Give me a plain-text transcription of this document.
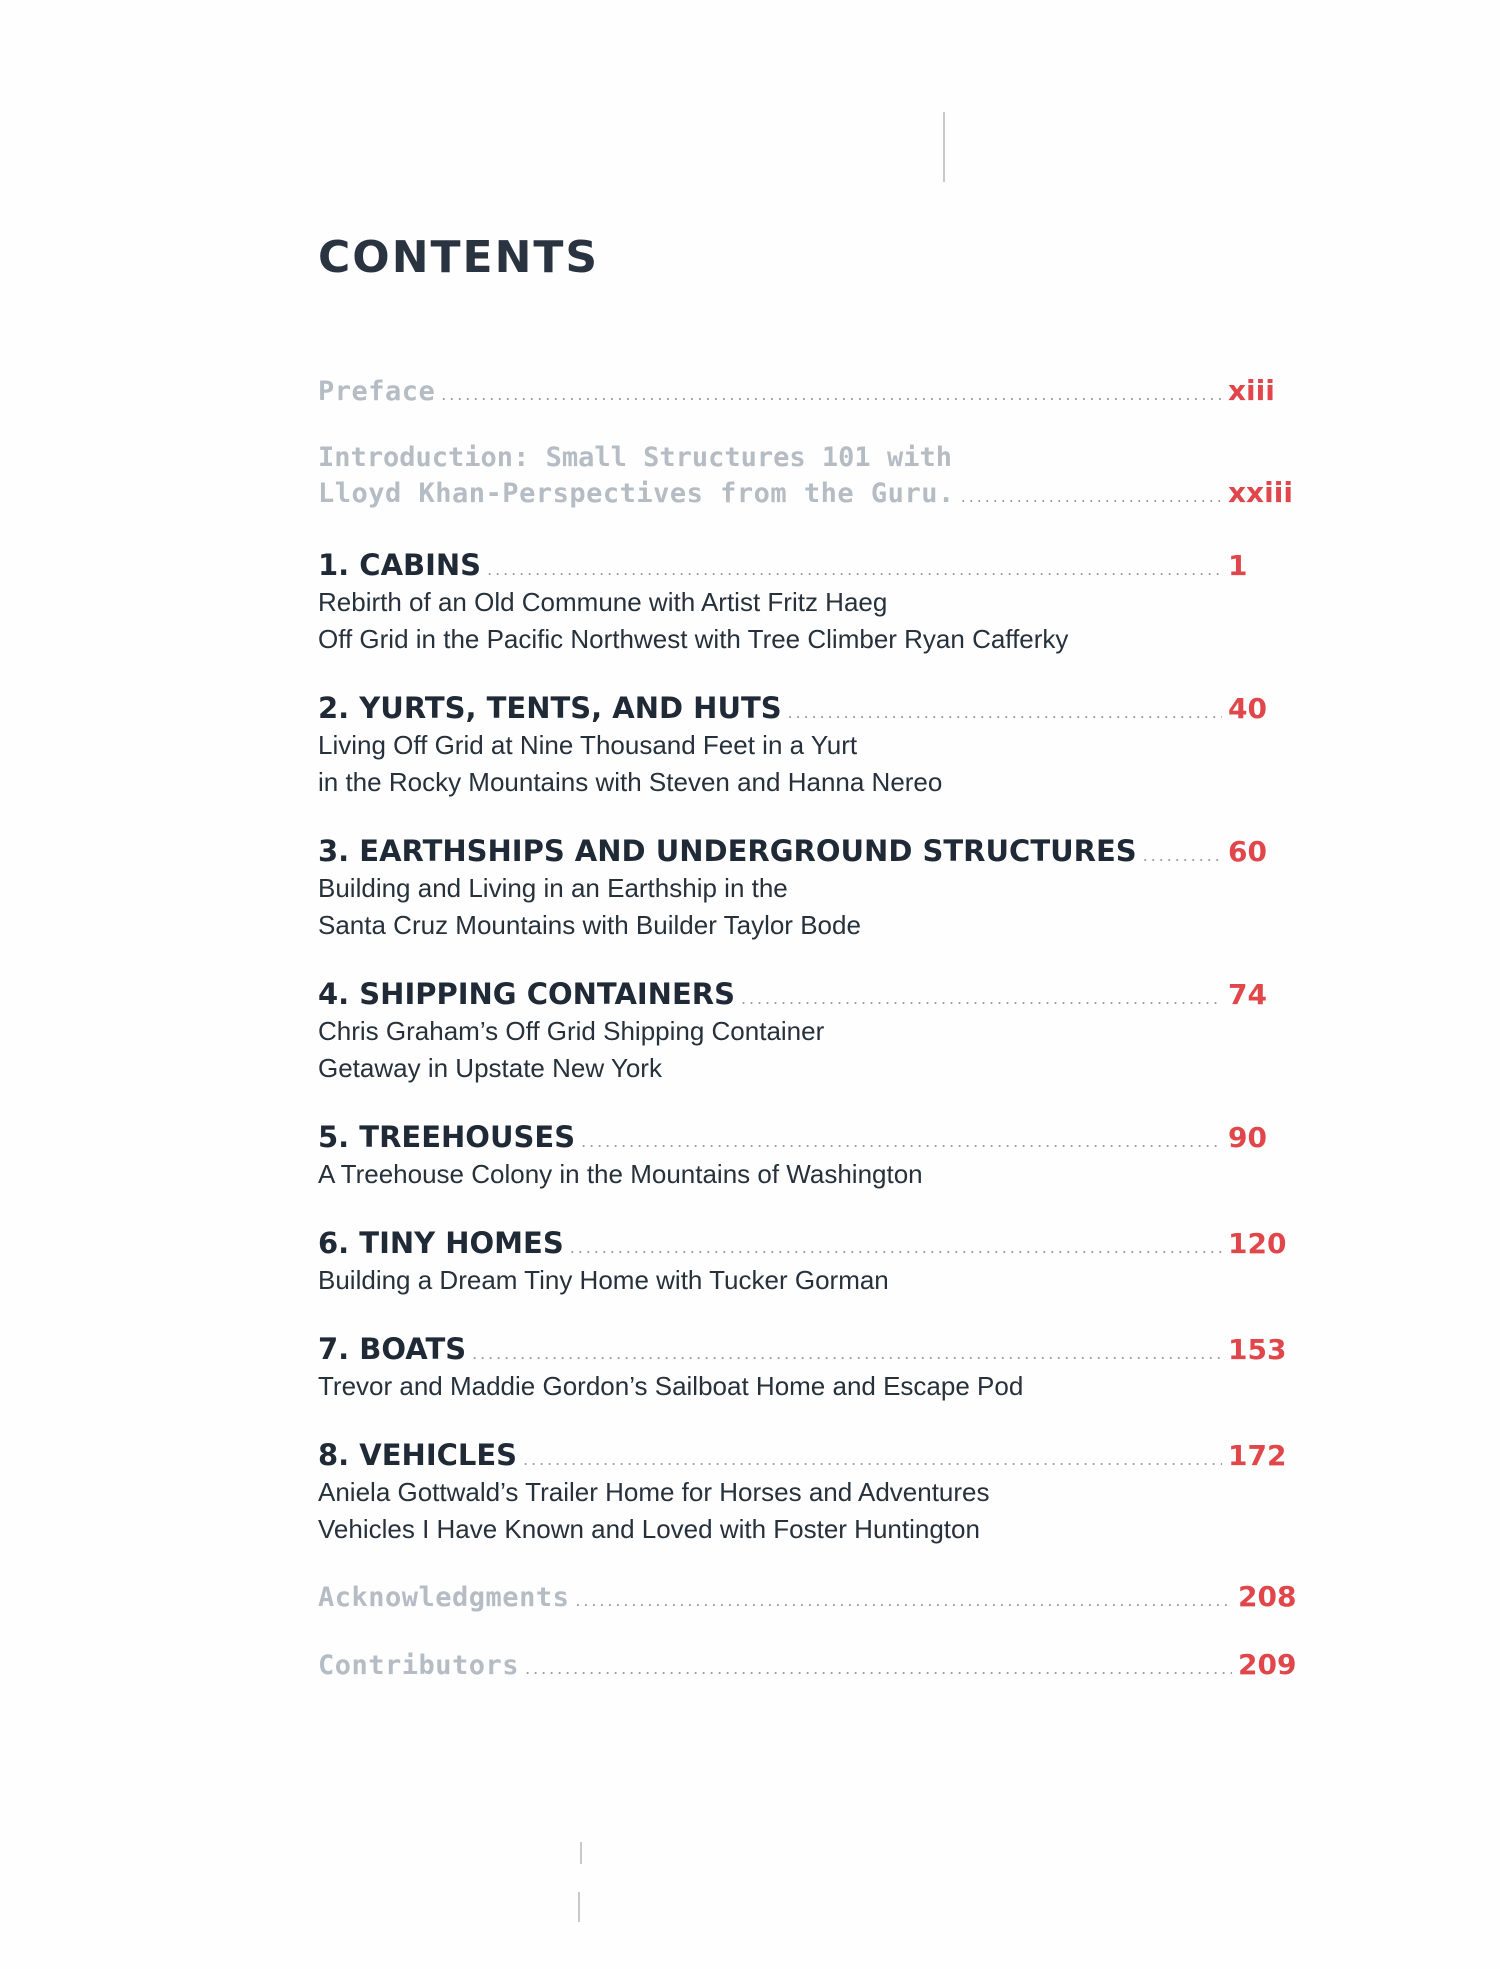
CONTENTS
Preface .....	xiii
Introduction: Small Structures 101 with
Lloyd Khan-Perspectives from the Guru. .....	xxiii
1. CABINS .....	1
Rebirth of an Old Commune with Artist Fritz Haeg
Off Grid in the Pacific Northwest with Tree Climber Ryan Cafferky
2. YURTS, TENTS, AND HUTS .....	40
Living Off Grid at Nine Thousand Feet in a Yurt
in the Rocky Mountains with Steven and Hanna Nereo
3. EARTHSHIPS AND UNDERGROUND STRUCTURES .....	60
Building and Living in an Earthship in the
Santa Cruz Mountains with Builder Taylor Bode
4. SHIPPING CONTAINERS .....	74
Chris Graham’s Off Grid Shipping Container
Getaway in Upstate New York
5. TREEHOUSES .....	90
A Treehouse Colony in the Mountains of Washington
6. TINY HOMES .....	120
Building a Dream Tiny Home with Tucker Gorman
7. BOATS .....	153
Trevor and Maddie Gordon’s Sailboat Home and Escape Pod
8. VEHICLES .....	172
Aniela Gottwald’s Trailer Home for Horses and Adventures
Vehicles I Have Known and Loved with Foster Huntington
Acknowledgments .....	208
Contributors .....	209
